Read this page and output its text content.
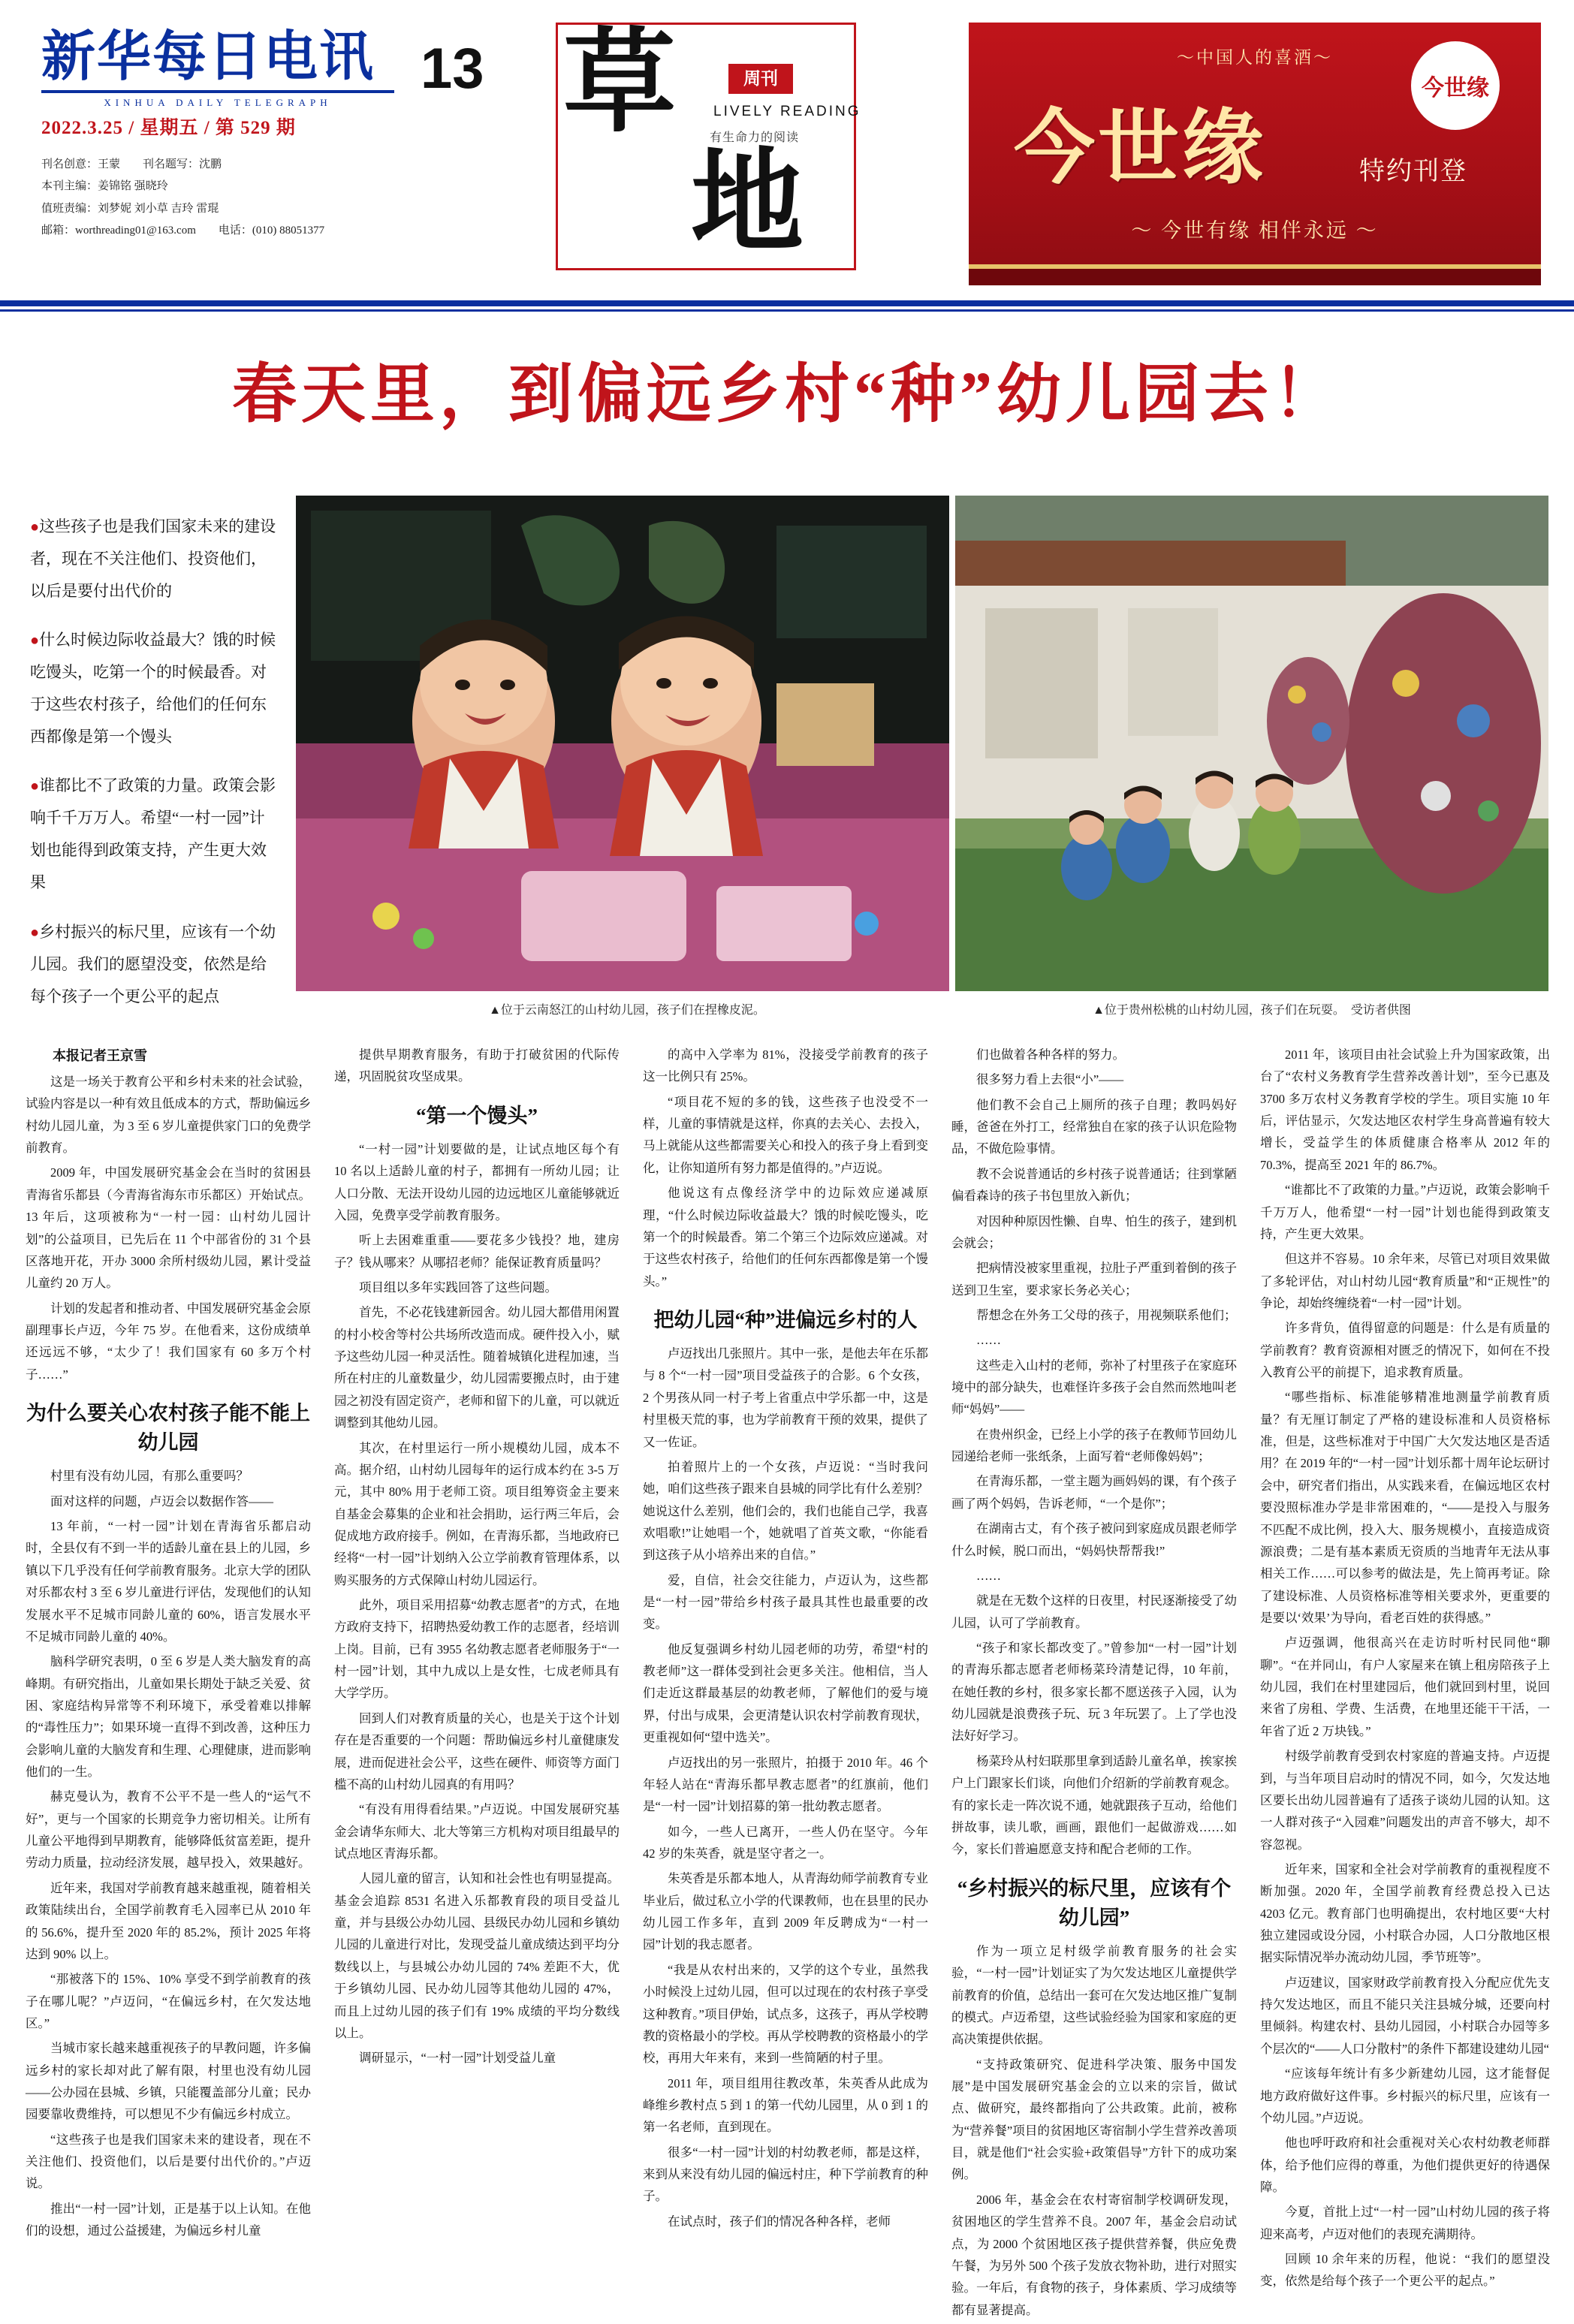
新华每日电讯
XINHUA DAILY TELEGRAPH
13
2022.3.25 / 星期五 / 第 529 期
刊名创意：王蒙　　刊名题写：沈鹏
本刊主编：姜锦铭 强晓玲
值班责编：刘梦妮 刘小草 吉玲 雷琨
邮箱：worthreading01@163.com　　电话：(010) 88051377
草
地
周刊
LIVELY READING
有生命力的阅读
～中国人的喜酒～
今世缘	特约刊登
～ 今世有缘 相伴永远 ～
今世缘
春天里，到偏远乡村“种”幼儿园去！
▲位于云南怒江的山村幼儿园，孩子们在捏橡皮泥。	▲位于贵州松桃的山村幼儿园，孩子们在玩耍。　受访者供图

●这些孩子也是我们国家未来的建设者，现在不关注他们、投资他们，以后是要付出代价的

●什么时候边际收益最大？饿的时候吃馒头，吃第一个的时候最香。对于这些农村孩子，给他们的任何东西都像是第一个馒头

●谁都比不了政策的力量。政策会影响千千万万人。希望“一村一园”计划也能得到政策支持，产生更大效果

●乡村振兴的标尺里，应该有一个幼儿园。我们的愿望没变，依然是给每个孩子一个更公平的起点

本报记者王京雪

这是一场关于教育公平和乡村未来的社会试验，试验内容是以一种有效且低成本的方式，帮助偏远乡村幼儿园儿童，为 3 至 6 岁儿童提供家门口的免费学前教育。

2009 年，中国发展研究基金会在当时的贫困县青海省乐都县（今青海省海东市乐都区）开始试点。13 年后，这项被称为“一村一园：山村幼儿园计划”的公益项目，已先后在 11 个中部省份的 31 个县区落地开花，开办 3000 余所村级幼儿园，累计受益儿童约 20 万人。

计划的发起者和推动者、中国发展研究基金会原副理事长卢迈，今年 75 岁。在他看来，这份成绩单还远远不够，“太少了！我们国家有 60 多万个村子……”

为什么要关心农村孩子能不能上幼儿园

村里有没有幼儿园，有那么重要吗？

面对这样的问题，卢迈会以数据作答——

13 年前，“一村一园”计划在青海省乐都启动时，全县仅有不到一半的适龄儿童在县上的儿园，乡镇以下几乎没有任何学前教育服务。北京大学的团队对乐都农村 3 至 6 岁儿童进行评估，发现他们的认知发展水平不足城市同龄儿童的 60%，语言发展水平不足城市同龄儿童的 40%。

脑科学研究表明，0 至 6 岁是人类大脑发育的高峰期。有研究指出，儿童如果长期处于缺乏关爱、贫困、家庭结构异常等不利环境下，承受着难以排解的“毒性压力”；如果环境一直得不到改善，这种压力会影响儿童的大脑发育和生理、心理健康，进而影响他们的一生。

赫克曼认为，教育不公平不是一些人的“运气不好”，更与一个国家的长期竞争力密切相关。让所有儿童公平地得到早期教育，能够降低贫富差距，提升劳动力质量，拉动经济发展，越早投入，效果越好。

近年来，我国对学前教育越来越重视，随着相关政策陆续出台，全国学前教育毛入园率已从 2010 年的 56.6%，提升至 2020 年的 85.2%，预计 2025 年将达到 90% 以上。

“那被落下的 15%、10% 享受不到学前教育的孩子在哪儿呢？”卢迈问，“在偏远乡村，在欠发达地区。”

当城市家长越来越重视孩子的早教问题，许多偏远乡村的家长却对此了解有限，村里也没有幼儿园——公办园在县城、乡镇，只能覆盖部分儿童；民办园要靠收费维持，可以想见不少有偏远乡村成立。

“这些孩子也是我们国家未来的建设者，现在不关注他们、投资他们，以后是要付出代价的。”卢迈说。

推出“一村一园”计划，正是基于以上认知。在他们的设想，通过公益援建，为偏远乡村儿童

提供早期教育服务，有助于打破贫困的代际传递，巩固脱贫攻坚成果。

“第一个馒头”

“一村一园”计划要做的是，让试点地区每个有 10 名以上适龄儿童的村子，都拥有一所幼儿园；让人口分散、无法开设幼儿园的边远地区儿童能够就近入园，免费享受学前教育服务。

听上去困难重重——要花多少钱投？地，建房子？钱从哪来？从哪招老师？能保证教育质量吗？

项目组以多年实践回答了这些问题。

首先，不必花钱建新园舍。幼儿园大都借用闲置的村小校舍等村公共场所改造而成。硬件投入小，赋予这些幼儿园一种灵活性。随着城镇化进程加速，当所在村庄的儿童数量少，幼儿园需要搬点时，由于建园之初没有固定资产，老师和留下的儿童，可以就近调整到其他幼儿园。

其次，在村里运行一所小规模幼儿园，成本不高。据介绍，山村幼儿园每年的运行成本约在 3-5 万元，其中 80% 用于老师工资。项目组筹资金主要来自基金会募集的企业和社会捐助，运行两三年后，会促成地方政府接手。例如，在青海乐都，当地政府已经将“一村一园”计划纳入公立学前教育管理体系，以购买服务的方式保障山村幼儿园运行。

此外，项目采用招募“幼教志愿者”的方式，在地方政府支持下，招聘热爱幼教工作的志愿者，经培训上岗。目前，已有 3955 名幼教志愿者老师服务于“一村一园”计划，其中九成以上是女性，七成老师具有大学学历。

回到人们对教育质量的关心，也是关于这个计划存在是否重要的一个问题：帮助偏远乡村儿童健康发展，进而促进社会公平，这些在硬件、师资等方面门槛不高的山村幼儿园真的有用吗？

“有没有用得看结果。”卢迈说。中国发展研究基金会请华东师大、北大等第三方机构对项目组最早的试点地区青海乐都。

人园儿童的留言，认知和社会性也有明显提高。基金会追踪 8531 名进入乐都教育段的项目受益儿童，并与县级公办幼儿园、县级民办幼儿园和乡镇幼儿园的儿童进行对比，发现受益儿童成绩达到平均分数线以上，与县城公办幼儿园的 74% 差距不大，优于乡镇幼儿园、民办幼儿园等其他幼儿园的 47%，而且上过幼儿园的孩子们有 19% 成绩的平均分数线以上。

调研显示，“一村一园”计划受益儿童

的高中入学率为 81%，没接受学前教育的孩子这一比例只有 25%。

“项目花不短的多的钱，这些孩子也没受不一样，儿童的事情就是这样，你真的去关心、去投入，马上就能从这些都需要关心和投入的孩子身上看到变化，让你知道所有努力都是值得的。”卢迈说。

他说这有点像经济学中的边际效应递减原理，“什么时候边际收益最大？饿的时候吃馒头，吃第一个的时候最香。第二个第三个边际效应递减。对于这些农村孩子，给他们的任何东西都像是第一个馒头。”

把幼儿园“种”进偏远乡村的人

卢迈找出几张照片。其中一张，是他去年在乐都与 8 个“一村一园”项目受益孩子的合影。6 个女孩，2 个男孩从同一村子考上省重点中学乐都一中，这是村里极天荒的事，也为学前教育干预的效果，提供了又一佐证。

拍着照片上的一个女孩，卢迈说：“当时我问她，咱们这些孩子跟来自县城的同学比有什么差别？她说这什么差别，他们会的，我们也能自己学，我喜欢唱歌!”让她唱一个，她就唱了首英文歌，“你能看到这孩子从小培养出来的自信。”

爱，自信，社会交往能力，卢迈认为，这些都是“一村一园”带给乡村孩子最具其性也最重要的改变。

他反复强调乡村幼儿园老师的功劳，希望“村的教老师”这一群体受到社会更多关注。他相信，当人们走近这群最基层的幼教老师，了解他们的爱与境界，付出与成果，会更清楚认识农村学前教育现状，更重视如何“望中选关”。

卢迈找出的另一张照片，拍摄于 2010 年。46 个年轻人站在“青海乐都早教志愿者”的红旗前，他们是“一村一园”计划招募的第一批幼教志愿者。

如今，一些人已离开，一些人仍在坚守。今年 42 岁的朱英香，就是坚守者之一。

朱英香是乐都本地人，从青海幼师学前教育专业毕业后，做过私立小学的代课教师，也在县里的民办幼儿园工作多年，直到 2009 年反聘成为“一村一园”计划的我志愿者。

“我是从农村出来的，又学的这个专业，虽然我小时候没上过幼儿园，但可以过现在的农村孩子享受这种教育。”项目伊始，试点多，这孩子，再从学校聘教的资格最小的学校。再从学校聘教的资格最小的学校，再用大年来有，来到一些简陋的村子里。

2011 年，项目组用往教改革，朱英香从此成为峰维乡教村点 5 到 1 的第一代幼儿园里，从 0 到 1 的第一名老师，直到现在。

很多“一村一园”计划的村幼教老师，都是这样，来到从来没有幼儿园的偏远村庄，种下学前教育的种子。

在试点时，孩子们的情况各种各样，老师

们也做着各种各样的努力。

很多努力看上去很“小”——

他们教不会自己上厕所的孩子自理；教吗妈好睡，爸爸在外打工，经常独自在家的孩子认识危险物品，不做危险事情。

教不会说普通话的乡村孩子说普通话；往到掌陋偏看森诗的孩子书包里放入新仇；

对因种种原因性懒、自卑、怕生的孩子，建到机会就会；

把病情没被家里重视，拉肚子严重到着倒的孩子送到卫生室，要求家长务必关心；

帮想念在外务工父母的孩子，用视频联系他们；

……

这些走入山村的老师，弥补了村里孩子在家庭环境中的部分缺失，也难怪许多孩子会自然而然地叫老师“妈妈”——

在贵州织金，已经上小学的孩子在教师节回幼儿园递给老师一张纸条，上面写着“老师像妈妈”；

在青海乐都，一堂主题为画妈妈的课，有个孩子画了两个妈妈，告诉老师，“一个是你”；

在湖南古丈，有个孩子被问到家庭成员跟老师学什么时候，脱口而出，“妈妈快帮帮我!”

……

就是在无数个这样的日夜里，村民逐渐接受了幼儿园，认可了学前教育。

“孩子和家长都改变了。”曾参加“一村一园”计划的青海乐都志愿者老师杨菜玲清楚记得，10 年前，在她任教的乡村，很多家长都不愿送孩子入园，认为幼儿园就是浪费孩子玩、玩 3 年玩罢了。上了学也没法好好学习。

杨菜玲从村妇联那里拿到适龄儿童名单，挨家挨户上门跟家长们谈，向他们介绍新的学前教育观念。有的家长走一阵次说不通，她就跟孩子互动，给他们拼故事，读儿歌，画画，跟他们一起做游戏……如今，家长们普遍愿意支持和配合老师的工作。

“乡村振兴的标尺里，应该有个幼儿园”

作为一项立足村级学前教育服务的社会实验，“一村一园”计划证实了为欠发达地区儿童提供学前教育的价值，总结出一套可在欠发达地区推广复制的模式。卢迈希望，这些试验经验为国家和家庭的更高决策提供依据。

“支持政策研究、促进科学决策、服务中国发展”是中国发展研究基金会的立以来的宗旨，做试点、做研究，最终都指向了公共政策。此前，被称为“营养餐”项目的贫困地区寄宿制小学生营养改善项目，就是他们“社会实验+政策倡导”方针下的成功案例。

2006 年，基金会在农村寄宿制学校调研发现，贫困地区的学生营养不良。2007 年，基金会启动试点，为 2000 个贫困地区孩子提供营养餐，供应免费午餐，为另外 500 个孩子发放衣物补助，进行对照实验。一年后，有食物的孩子，身体素质、学习成绩等都有显著提高。

2011 年，该项目由社会试验上升为国家政策，出台了“农村义务教育学生营养改善计划”，至今已惠及 3700 多万农村义务教育学校的学生。项目实施 10 年后，评估显示，欠发达地区农村学生身高普遍有较大增长，受益学生的体质健康合格率从 2012 年的 70.3%，提高至 2021 年的 86.7%。

“谁都比不了政策的力量。”卢迈说，政策会影响千千万万人，他希望“一村一园”计划也能得到政策支持，产生更大效果。

但这并不容易。10 余年来，尽管已对项目效果做了多轮评估，对山村幼儿园“教育质量”和“正规性”的争论，却始终缠绕着“一村一园”计划。

许多背负，值得留意的问题是：什么是有质量的学前教育？教育资源相对匮乏的情况下，如何在不投入教育公平的前提下，追求教育质量。

“哪些指标、标准能够精准地测量学前教育质量？有无厘订制定了严格的建设标准和人员资格标准，但是，这些标准对于中国广大欠发达地区是否适用？在 2019 年的“一村一园”计划乐都十周年论坛研讨会中，研究者们指出，从实践来看，在偏远地区农村要没照标准办学是非常困难的，“——是投入与服务不匹配不成比例，投入大、服务规模小，直接造成资源浪费；二是有基本素质无资质的当地青年无法从事相关工作……可以参考的做法是，先上简再考证。除了建设标准、人员资格标准等相关要求外，更重要的是要以‘效果’为导向，看老百姓的获得感。”

卢迈强调，他很高兴在走访时听村民同他“聊聊”。“在并同山，有户人家屋来在镇上租房陪孩子上幼儿园，我们在村里建园后，他们就回到村里，说回来省了房租、学费、生活费，在地里还能干干活，一年省了近 2 万块钱。”

村级学前教育受到农村家庭的普遍支持。卢迈提到，与当年项目启动时的情况不同，如今，欠发达地区要长出幼儿园普遍有了适孩子谈幼儿园的认知。这一人群对孩子“入园难”问题发出的声音不够大，却不容忽视。

近年来，国家和全社会对学前教育的重视程度不断加强。2020 年，全国学前教育经费总投入已达 4203 亿元。教育部门也明确提出，农村地区要“大村独立建园或设分园，小村联合办园，人口分散地区根据实际情况举办流动幼儿园，季节班等”。

卢迈建议，国家财政学前教育投入分配应优先支持欠发达地区，而且不能只关注县城分城，还要向村里倾斜。构建农村、县幼儿园园，小村联合办园等多个层次的“——人口分散村”的条件下都建设建幼儿园“

“应该每年统计有多少新建幼儿园，这才能督促地方政府做好这件事。乡村振兴的标尺里，应该有一个幼儿园。”卢迈说。

他也呼吁政府和社会重视对关心农村幼教老师群体，给予他们应得的尊重，为他们提供更好的待遇保障。

今夏，首批上过“一村一园”山村幼儿园的孩子将迎来高考，卢迈对他们的表现充满期待。

回顾 10 余年来的历程，他说：“我们的愿望没变，依然是给每个孩子一个更公平的起点。”
